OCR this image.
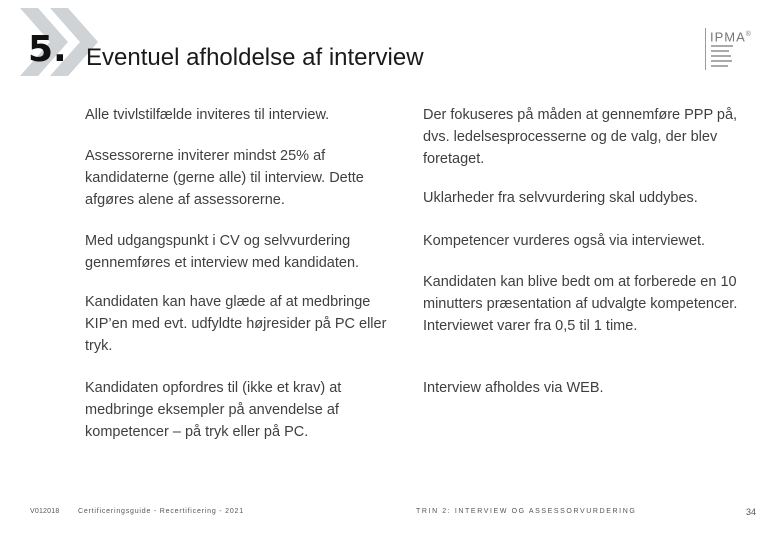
5. Eventuel afholdelse af interview
IPMA®

Alle tvivlstilfælde inviteres til interview.

Assessorerne inviterer mindst 25% af kandidaterne (gerne alle) til interview. Dette afgøres alene af assessorerne.

Med udgangspunkt i CV og selvvurdering gennemføres et interview med kandidaten.

Kandidaten kan have glæde af at medbringe KIP’en med evt. udfyldte højresider på PC eller tryk.

Kandidaten opfordres til (ikke et krav) at medbringe eksempler på anvendelse af kompetencer – på tryk eller på PC.

Der fokuseres på måden at gennemføre PPP på, dvs. ledelsesprocesserne og de valg, der blev foretaget.

Uklarheder fra selvvurdering skal uddybes.

Kompetencer vurderes også via interviewet.

Kandidaten kan blive bedt om at forberede en 10 minutters præsentation af udvalgte kompetencer. Interviewet varer fra 0,5 til 1 time.

Interview afholdes via WEB.

V012018	Certificeringsguide - Recertificering - 2021	TRIN 2: INTERVIEW OG ASSESSORVURDERING	34
